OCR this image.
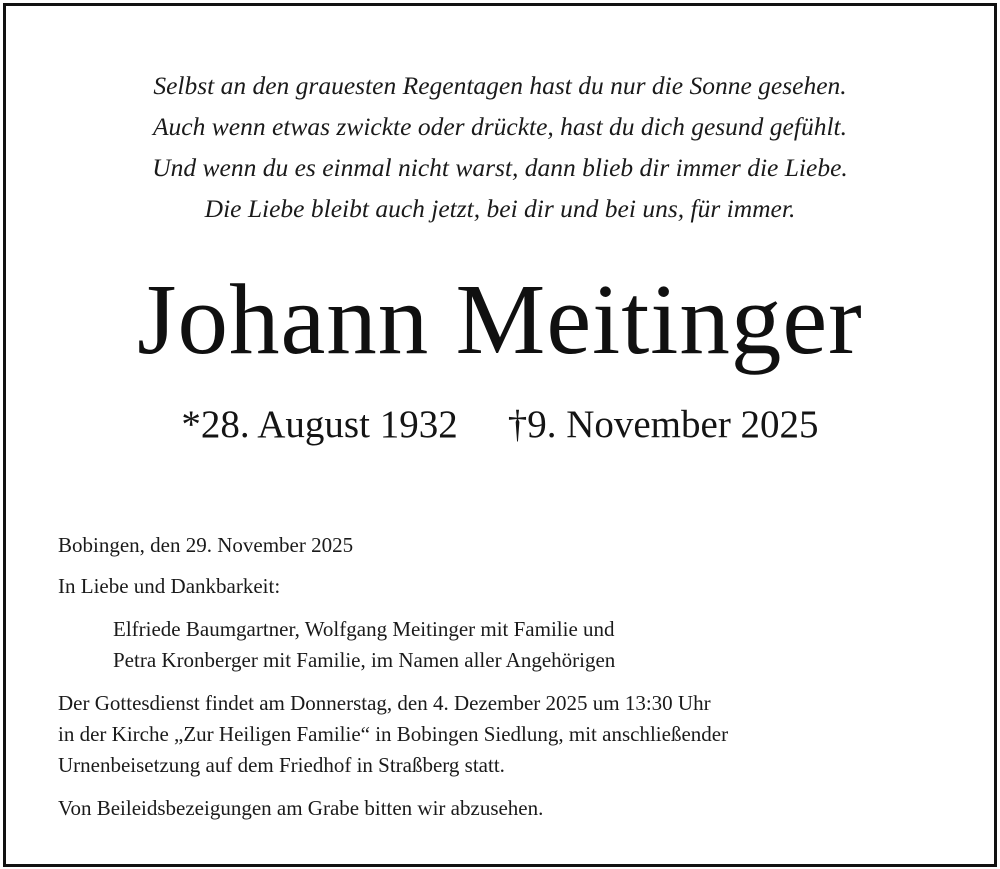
Selbst an den grauesten Regentagen hast du nur die Sonne gesehen.
Auch wenn etwas zwickte oder drückte, hast du dich gesund gefühlt.
Und wenn du es einmal nicht warst, dann blieb dir immer die Liebe.
Die Liebe bleibt auch jetzt, bei dir und bei uns, für immer.
Johann Meitinger
*28. August 1932 †9. November 2025
Bobingen, den 29. November 2025
In Liebe und Dankbarkeit:
Elfriede Baumgartner, Wolfgang Meitinger mit Familie und
Petra Kronberger mit Familie, im Namen aller Angehörigen
Der Gottesdienst findet am Donnerstag, den 4. Dezember 2025 um 13:30 Uhr
in der Kirche „Zur Heiligen Familie“ in Bobingen Siedlung, mit anschließender
Urnenbeisetzung auf dem Friedhof in Straßberg statt.
Von Beileidsbezeigungen am Grabe bitten wir abzusehen.
